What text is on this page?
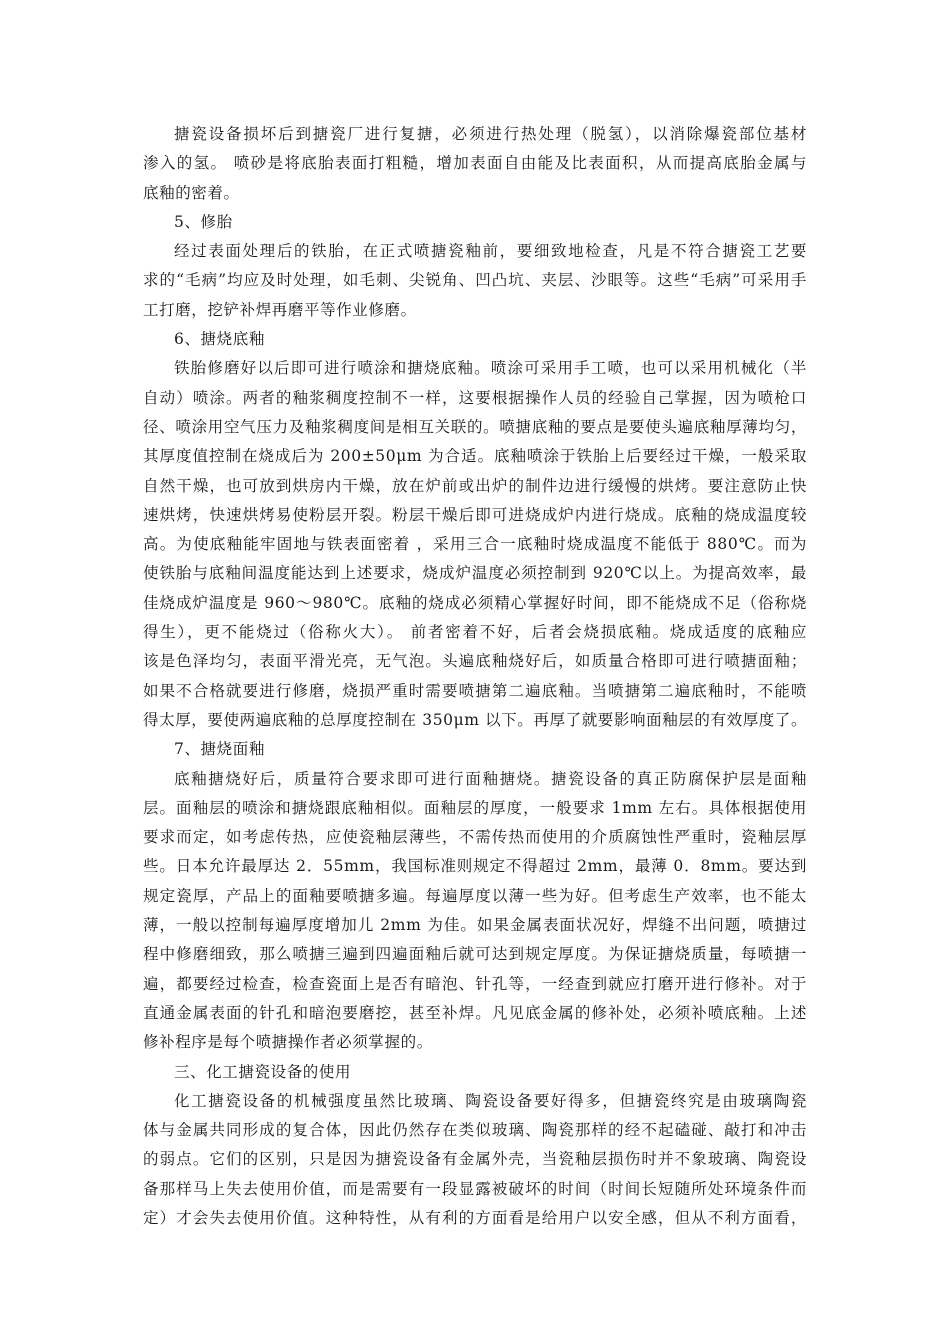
搪瓷设备损坏后到搪瓷厂进行复搪，必须进行热处理（脱氢），以消除爆瓷部位基材
渗入的氢。 喷砂是将底胎表面打粗糙，增加表面自由能及比表面积，从而提高底胎金属与
底釉的密着。
5、修胎
经过表面处理后的铁胎，在正式喷搪瓷釉前，要细致地检查，凡是不符合搪瓷工艺要
求的“毛病”均应及时处理，如毛刺、尖锐角、凹凸坑、夹层、沙眼等。这些“毛病”可采用手
工打磨，挖铲补焊再磨平等作业修磨。
6、搪烧底釉
铁胎修磨好以后即可进行喷涂和搪烧底釉。喷涂可采用手工喷，也可以采用机械化（半
自动）喷涂。两者的釉浆稠度控制不一样，这要根据操作人员的经验自己掌握，因为喷枪口
径、喷涂用空气压力及釉浆稠度间是相互关联的。喷搪底釉的要点是要使头遍底釉厚薄均匀，
其厚度值控制在烧成后为 200±50μm 为合适。底釉喷涂于铁胎上后要经过干燥，一般采取
自然干燥，也可放到烘房内干燥，放在炉前或出炉的制件边进行缓慢的烘烤。要注意防止快
速烘烤，快速烘烤易使粉层开裂。粉层干燥后即可进烧成炉内进行烧成。底釉的烧成温度较
高。为使底釉能牢固地与铁表面密着 ，采用三合一底釉时烧成温度不能低于 880℃。而为
使铁胎与底釉间温度能达到上述要求，烧成炉温度必须控制到 920℃以上。为提高效率，最
佳烧成炉温度是 960～980℃。底釉的烧成必须精心掌握好时间，即不能烧成不足（俗称烧
得生），更不能烧过（俗称火大）。 前者密着不好，后者会烧损底釉。烧成适度的底釉应
该是色泽均匀，表面平滑光亮，无气泡。头遍底釉烧好后，如质量合格即可进行喷搪面釉；
如果不合格就要进行修磨，烧损严重时需要喷搪第二遍底釉。当喷搪第二遍底釉时，不能喷
得太厚，要使两遍底釉的总厚度控制在 350μm 以下。再厚了就要影响面釉层的有效厚度了。
7、搪烧面釉
底釉搪烧好后，质量符合要求即可进行面釉搪烧。搪瓷设备的真正防腐保护层是面釉
层。面釉层的喷涂和搪烧跟底釉相似。面釉层的厚度，一般要求 1mm 左右。具体根据使用
要求而定，如考虑传热，应使瓷釉层薄些，不需传热而使用的介质腐蚀性严重时，瓷釉层厚
些。日本允许最厚达 2．55mm，我国标准则规定不得超过 2mm，最薄 0．8mm。要达到
规定瓷厚，产品上的面釉要喷搪多遍。每遍厚度以薄一些为好。但考虑生产效率，也不能太
薄，一般以控制每遍厚度增加儿 2mm 为佳。如果金属表面状况好，焊缝不出问题，喷搪过
程中修磨细致，那么喷搪三遍到四遍面釉后就可达到规定厚度。为保证搪烧质量，每喷搪一
遍，都要经过检查，检查瓷面上是否有暗泡、针孔等，一经查到就应打磨开进行修补。对于
直通金属表面的针孔和暗泡要磨挖，甚至补焊。凡见底金属的修补处，必须补喷底釉。上述
修补程序是每个喷搪操作者必须掌握的。
三、化工搪瓷设备的使用
化工搪瓷设备的机械强度虽然比玻璃、陶瓷设备要好得多，但搪瓷终究是由玻璃陶瓷
体与金属共同形成的复合体，因此仍然存在类似玻璃、陶瓷那样的经不起磕碰、敲打和冲击
的弱点。它们的区别，只是因为搪瓷设备有金属外壳，当瓷釉层损伤时并不象玻璃、陶瓷设
备那样马上失去使用价值，而是需要有一段显露被破坏的时间（时间长短随所处环境条件而
定）才会失去使用价值。这种特性，从有利的方面看是给用户以安全感，但从不利方面看，
